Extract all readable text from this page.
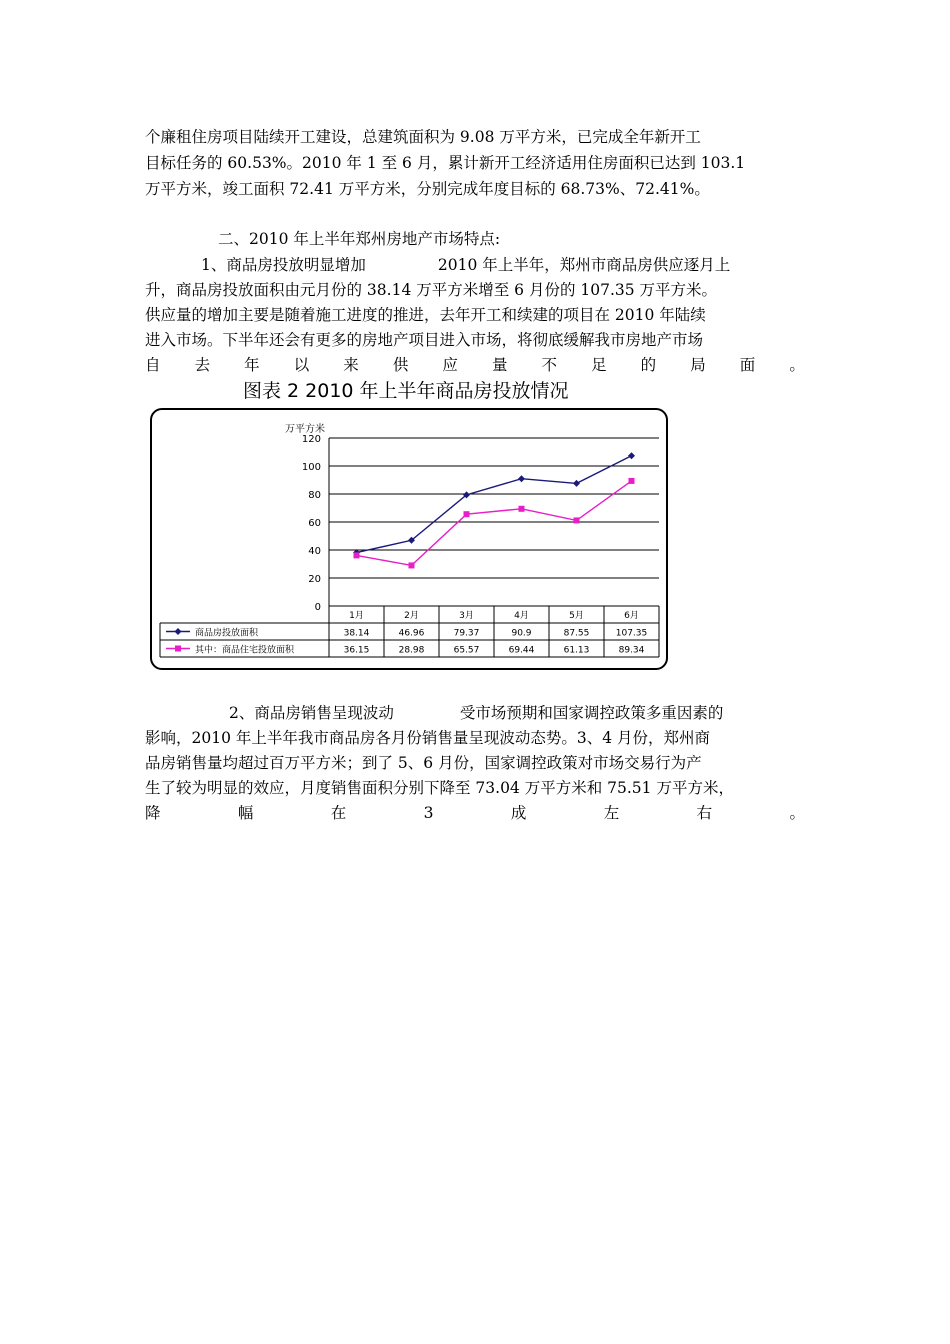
个廉租住房项目陆续开工建设，总建筑面积为 9.08 万平方米，已完成全年新开工
目标任务的 60.53%。2010 年 1 至 6 月，累计新开工经济适用住房面积已达到 103.1
万平方米，竣工面积 72.41 万平方米，分别完成年度目标的 68.73%、72.41%。
二、2010 年上半年郑州房地产市场特点:
1、商品房投放明显增加	2010 年上半年，郑州市商品房供应逐月上
升，商品房投放面积由元月份的 38.14 万平方米增至 6 月份的 107.35 万平方米。
供应量的增加主要是随着施工进度的推进，去年开工和续建的项目在 2010 年陆续
进入市场。下半年还会有更多的房地产项目进入市场，将彻底缓解我市房地产市场
自 去 年 以 来 供 应 量 不 足 的 局 面 。
图表 2 2010 年上半年商品房投放情况
万平方米
0
20
40
60
80
100
120
1月	2月	3月	4月	5月	6月
商品房投放面积	38.14	46.96	79.37	90.9	87.55	107.35
其中：商品住宅投放面积	36.15	28.98	65.57	69.44	61.13	89.34
2、商品房销售呈现波动	受市场预期和国家调控政策多重因素的
影响，2010 年上半年我市商品房各月份销售量呈现波动态势。3、4 月份，郑州商
品房销售量均超过百万平方米；到了 5、6 月份，国家调控政策对市场交易行为产
生了较为明显的效应，月度销售面积分别下降至 73.04 万平方米和 75.51 万平方米，
降	幅	在	3	成	左	右	。
